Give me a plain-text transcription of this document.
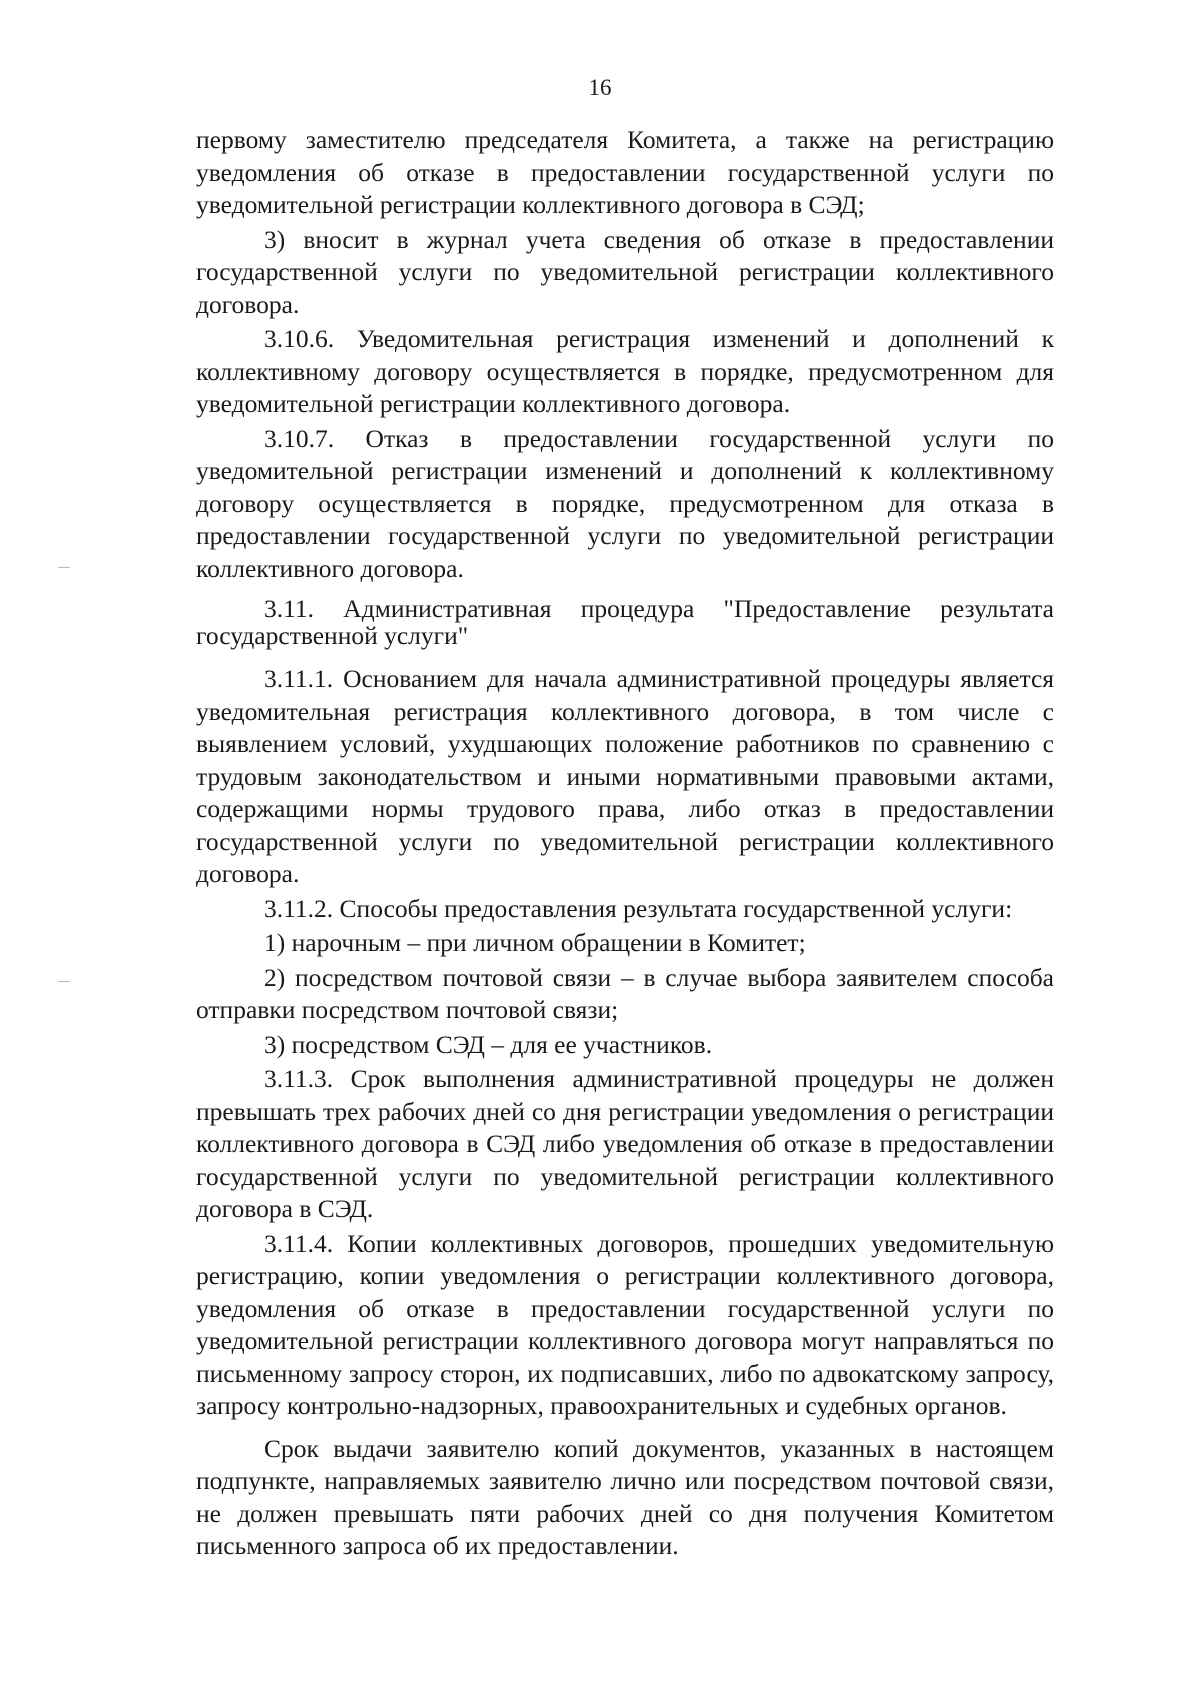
16

первому заместителю председателя Комитета, а также на регистрацию уведомления об отказе в предоставлении государственной услуги по уведомительной регистрации коллективного договора в СЭД;

3) вносит в журнал учета сведения об отказе в предоставлении государственной услуги по уведомительной регистрации коллективного договора.

3.10.6. Уведомительная регистрация изменений и дополнений к коллективному договору осуществляется в порядке, предусмотренном для уведомительной регистрации коллективного договора.

3.10.7. Отказ в предоставлении государственной услуги по уведомительной регистрации изменений и дополнений к коллективному договору осуществляется в порядке, предусмотренном для отказа в предоставлении государственной услуги по уведомительной регистрации коллективного договора.

3.11. Административная процедура "Предоставление результата государственной услуги"

3.11.1. Основанием для начала административной процедуры является уведомительная регистрация коллективного договора, в том числе с выявлением условий, ухудшающих положение работников по сравнению с трудовым законодательством и иными нормативными правовыми актами, содержащими нормы трудового права, либо отказ в предоставлении государственной услуги по уведомительной регистрации коллективного договора.

3.11.2. Способы предоставления результата государственной услуги:

1) нарочным – при личном обращении в Комитет;

2) посредством почтовой связи – в случае выбора заявителем способа отправки посредством почтовой связи;

3) посредством СЭД – для ее участников.

3.11.3. Срок выполнения административной процедуры не должен превышать трех рабочих дней со дня регистрации уведомления о регистрации коллективного договора в СЭД либо уведомления об отказе в предоставлении государственной услуги по уведомительной регистрации коллективного договора в СЭД.

3.11.4. Копии коллективных договоров, прошедших уведомительную регистрацию, копии уведомления о регистрации коллективного договора, уведомления об отказе в предоставлении государственной услуги по уведомительной регистрации коллективного договора могут направляться по письменному запросу сторон, их подписавших, либо по адвокатскому запросу, запросу контрольно-надзорных, правоохранительных и судебных органов.

Срок выдачи заявителю копий документов, указанных в настоящем подпункте, направляемых заявителю лично или посредством почтовой связи, не должен превышать пяти рабочих дней со дня получения Комитетом письменного запроса об их предоставлении.
